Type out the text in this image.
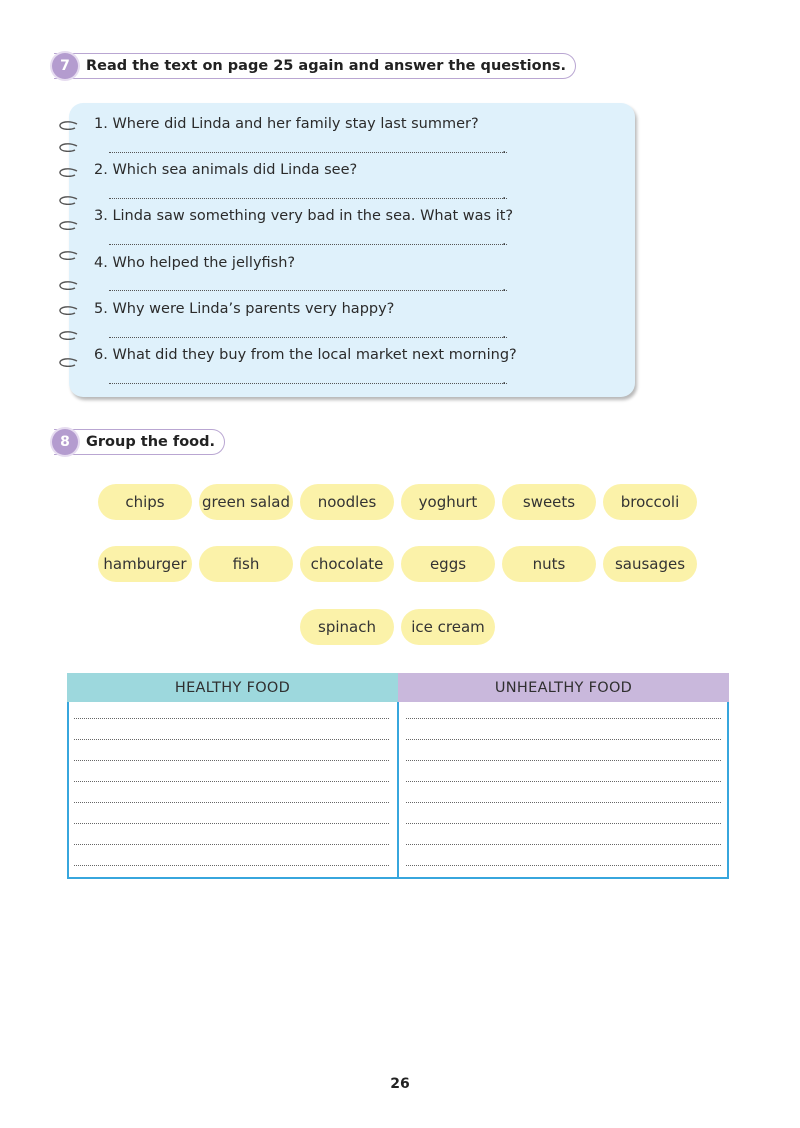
7	Read the text on page 25 again and answer the questions.
1. Where did Linda and her family stay last summer?
.
2. Which sea animals did Linda see?
.
3. Linda saw something very bad in the sea. What was it?
.
4. Who helped the jellyfish?
.
5. Why were Linda’s parents very happy?
.
6. What did they buy from the local market next morning?
.
8	Group the food.
chips	green salad	noodles	yoghurt	sweets	broccoli
hamburger	fish	chocolate	eggs	nuts	sausages
spinach	ice cream
HEALTHY FOOD	UNHEALTHY FOOD
26
